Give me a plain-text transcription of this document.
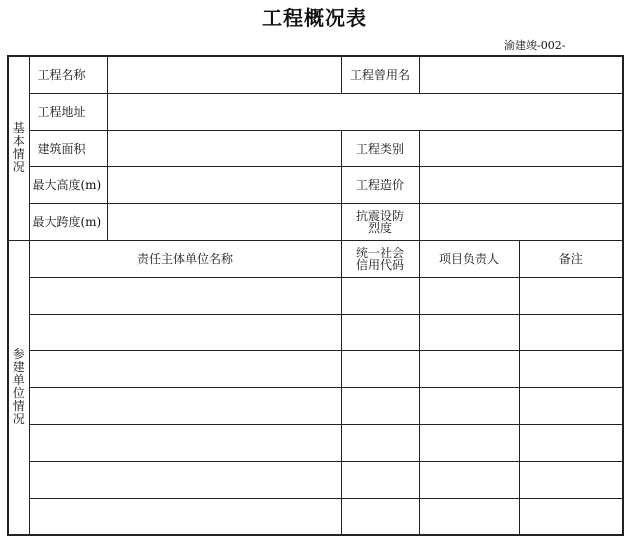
工程概况表
渝建竣-002-
基本情况	工程名称		工程曾用名		
	工程地址				
	建筑面积		工程类别		
	最大高度(m)		工程造价		
	最大跨度(m)		抗震设防烈度		

参建单位情况	责任主体单位名称		统一社会信用代码	项目负责人	备注
